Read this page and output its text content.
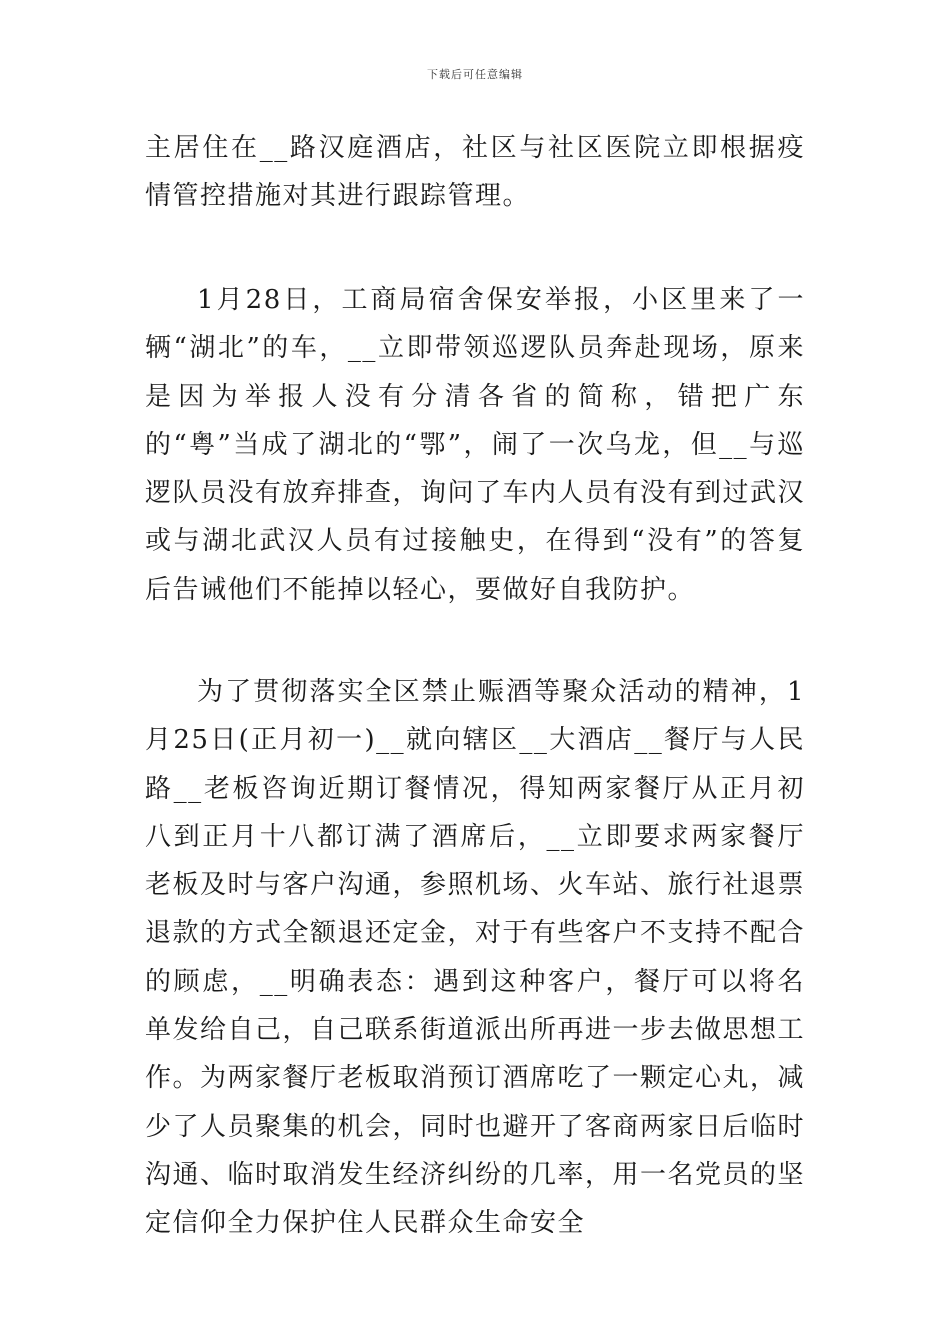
下载后可任意编辑

主居住在__路汉庭酒店，社区与社区医院立即根据疫情管控措施对其进行跟踪管理。

1月28日，工商局宿舍保安举报，小区里来了一辆“湖北”的车，__立即带领巡逻队员奔赴现场，原来是因为举报人没有分清各省的简称，错把广东的“粤”当成了湖北的“鄂”，闹了一次乌龙，但__与巡逻队员没有放弃排查，询问了车内人员有没有到过武汉或与湖北武汉人员有过接触史，在得到“没有”的答复后告诫他们不能掉以轻心，要做好自我防护。

为了贯彻落实全区禁止赈酒等聚众活动的精神，1月25日(正月初一)__就向辖区__大酒店__餐厅与人民路__老板咨询近期订餐情况，得知两家餐厅从正月初八到正月十八都订满了酒席后，__立即要求两家餐厅老板及时与客户沟通，参照机场、火车站、旅行社退票退款的方式全额退还定金，对于有些客户不支持不配合的顾虑，__明确表态：遇到这种客户，餐厅可以将名单发给自己，自己联系街道派出所再进一步去做思想工作。为两家餐厅老板取消预订酒席吃了一颗定心丸，减少了人员聚集的机会，同时也避开了客商两家日后临时沟通、临时取消发生经济纠纷的几率，用一名党员的坚定信仰全力保护住人民群众生命安全
